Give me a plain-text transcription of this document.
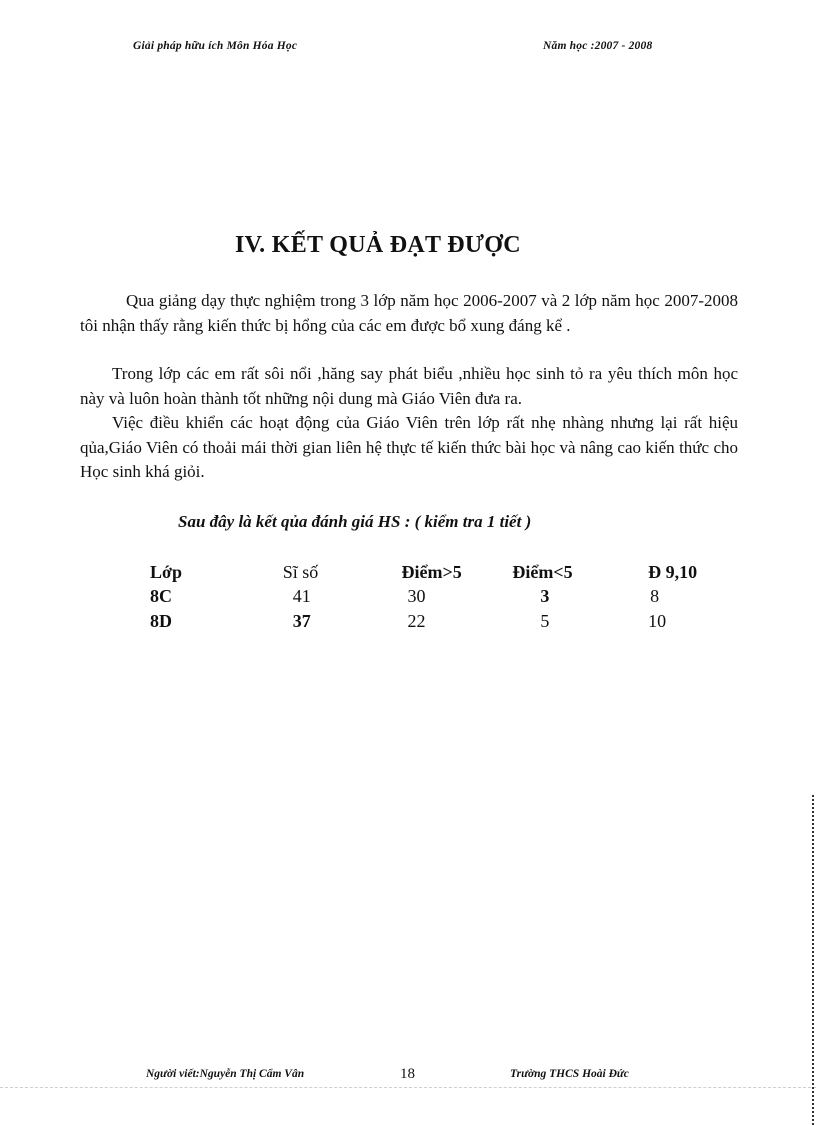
Giải pháp hữu ích Môn Hóa Học	Năm học :2007 - 2008
IV. KẾT QUẢ ĐẠT ĐƯỢC

Qua giảng dạy thực nghiệm trong 3 lớp năm học 2006-2007 và 2 lớp năm học 2007-2008 tôi nhận thấy rằng kiến thức bị hổng của các em được bổ xung đáng kể .

Trong lớp các em rất sôi nổi ,hăng say phát biểu ,nhiều học sinh tỏ ra yêu thích môn học này và luôn hoàn thành tốt những nội dung mà Giáo Viên đưa ra.

Việc điều khiển các hoạt động của Giáo Viên trên lớp rất nhẹ nhàng nhưng lại rất hiệu qủa,Giáo Viên có thoải mái thời gian liên hệ thực tế kiến thức bài học và nâng cao kiến thức cho Học sinh khá giỏi.

Sau đây là kết qủa đánh giá HS : ( kiểm tra 1 tiết )

Lớp	Sĩ số	Điểm>5	Điểm<5	Đ 9,10
8C	41	30	3	8
8D	37	22	5	10
Người viết:Nguyễn Thị Cẩm Vân	18	Trường THCS Hoài Đức
